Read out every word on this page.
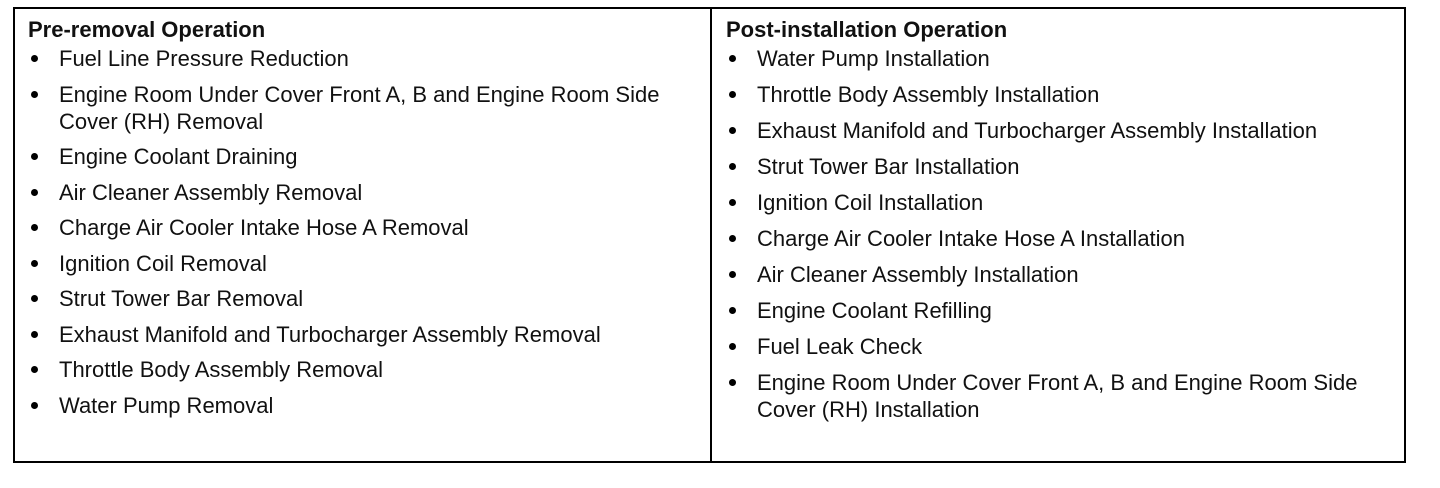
Pre-removal Operation
Fuel Line Pressure Reduction
Engine Room Under Cover Front A, B and Engine Room Side Cover (RH) Removal
Engine Coolant Draining
Air Cleaner Assembly Removal
Charge Air Cooler Intake Hose A Removal
Ignition Coil Removal
Strut Tower Bar Removal
Exhaust Manifold and Turbocharger Assembly Removal
Throttle Body Assembly Removal
Water Pump Removal
Post-installation Operation
Water Pump Installation
Throttle Body Assembly Installation
Exhaust Manifold and Turbocharger Assembly Installation
Strut Tower Bar Installation
Ignition Coil Installation
Charge Air Cooler Intake Hose A Installation
Air Cleaner Assembly Installation
Engine Coolant Refilling
Fuel Leak Check
Engine Room Under Cover Front A, B and Engine Room Side Cover (RH) Installation
